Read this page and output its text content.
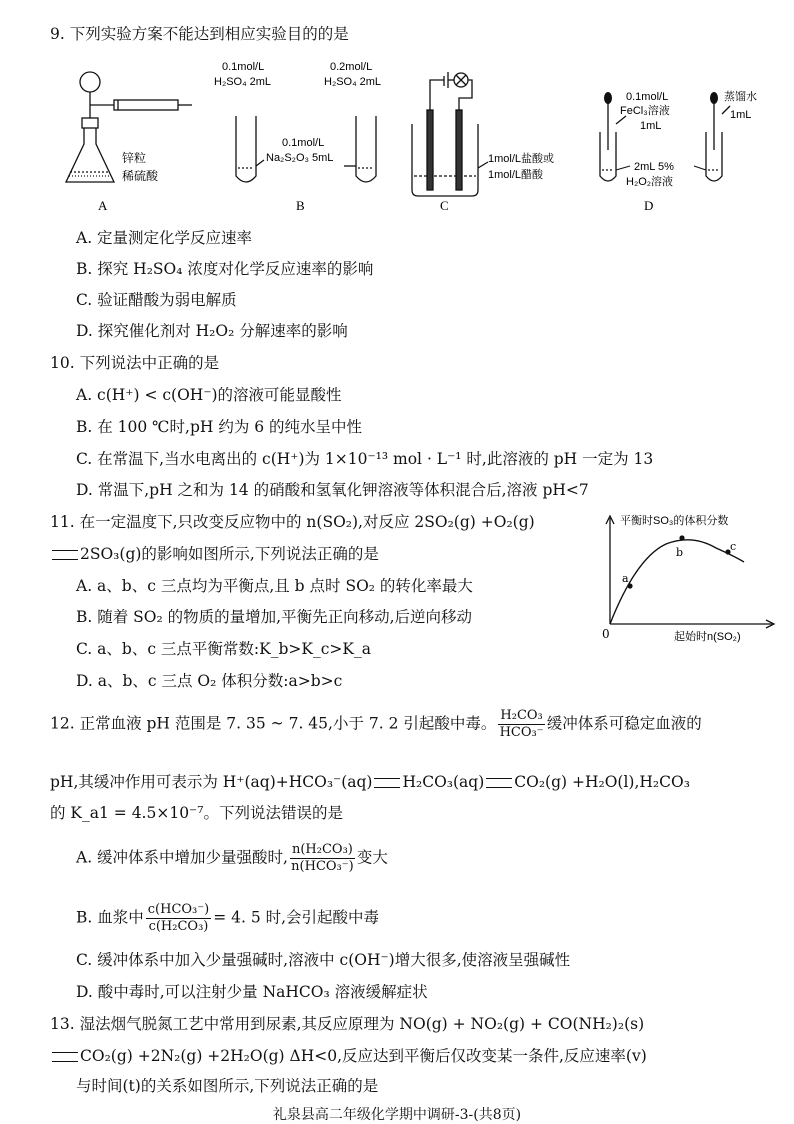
9. 下列实验方案不能达到相应实验目的的是
锌粒
稀硫酸
A
0.1mol/L
H₂SO₄ 2mL
0.2mol/L
H₂SO₄ 2mL
0.1mol/L
Na₂S₂O₃ 5mL
B
1mol/L盐酸或
1mol/L醋酸
C
0.1mol/L
FeCl₃溶液
1mL
蒸馏水
1mL
2mL 5%
H₂O₂溶液
D
A. 定量测定化学反应速率
B. 探究 H₂SO₄ 浓度对化学反应速率的影响
C. 验证醋酸为弱电解质
D. 探究催化剂对 H₂O₂ 分解速率的影响
10. 下列说法中正确的是
A. c(H⁺) < c(OH⁻)的溶液可能显酸性
B. 在 100 ℃时,pH 约为 6 的纯水呈中性
C. 在常温下,当水电离出的 c(H⁺)为 1×10⁻¹³ mol · L⁻¹ 时,此溶液的 pH 一定为 13
D. 常温下,pH 之和为 14 的硝酸和氢氧化钾溶液等体积混合后,溶液 pH<7
11. 在一定温度下,只改变反应物中的 n(SO₂),对反应 2SO₂(g) +O₂(g)
2SO₃(g)的影响如图所示,下列说法正确的是
A. a、b、c 三点均为平衡点,且 b 点时 SO₂ 的转化率最大
B. 随着 SO₂ 的物质的量增加,平衡先正向移动,后逆向移动
C. a、b、c 三点平衡常数:K_b>K_c>K_a
D. a、b、c 三点 O₂ 体积分数:a>b>c
a
b	c
平衡时SO₃的体积分数
0	起始时n(SO₂)
12. 正常血液 pH 范围是 7. 35 ~ 7. 45,小于 7. 2 引起酸中毒。 $\frac{\text{H₂CO₃}}{\text{HCO₃⁻}}$ 缓冲体系可稳定血液的
pH,其缓冲作用可表示为 H⁺(aq)+HCO₃⁻(aq) H₂CO₃(aq) CO₂(g) +H₂O(l),H₂CO₃
的 K_a1 = 4.5×10⁻⁷。下列说法错误的是
A. 缓冲体系中增加少量强酸时, $\frac{\text{n(H₂CO₃)}}{\text{n(HCO₃⁻)}}$ 变大
B. 血浆中 $\frac{\text{c(HCO₃⁻)}}{\text{c(H₂CO₃)}} = 4$. 5 时,会引起酸中毒
C. 缓冲体系中加入少量强碱时,溶液中 c(OH⁻)增大很多,使溶液呈强碱性
D. 酸中毒时,可以注射少量 NaHCO₃ 溶液缓解症状
13. 湿法烟气脱氮工艺中常用到尿素,其反应原理为 NO(g) + NO₂(g) + CO(NH₂)₂(s)
CO₂(g) +2N₂(g) +2H₂O(g) ΔH<0,反应达到平衡后仅改变某一条件,反应速率(v)
与时间(t)的关系如图所示,下列说法正确的是
礼泉县高二年级化学期中调研-3-(共8页)
